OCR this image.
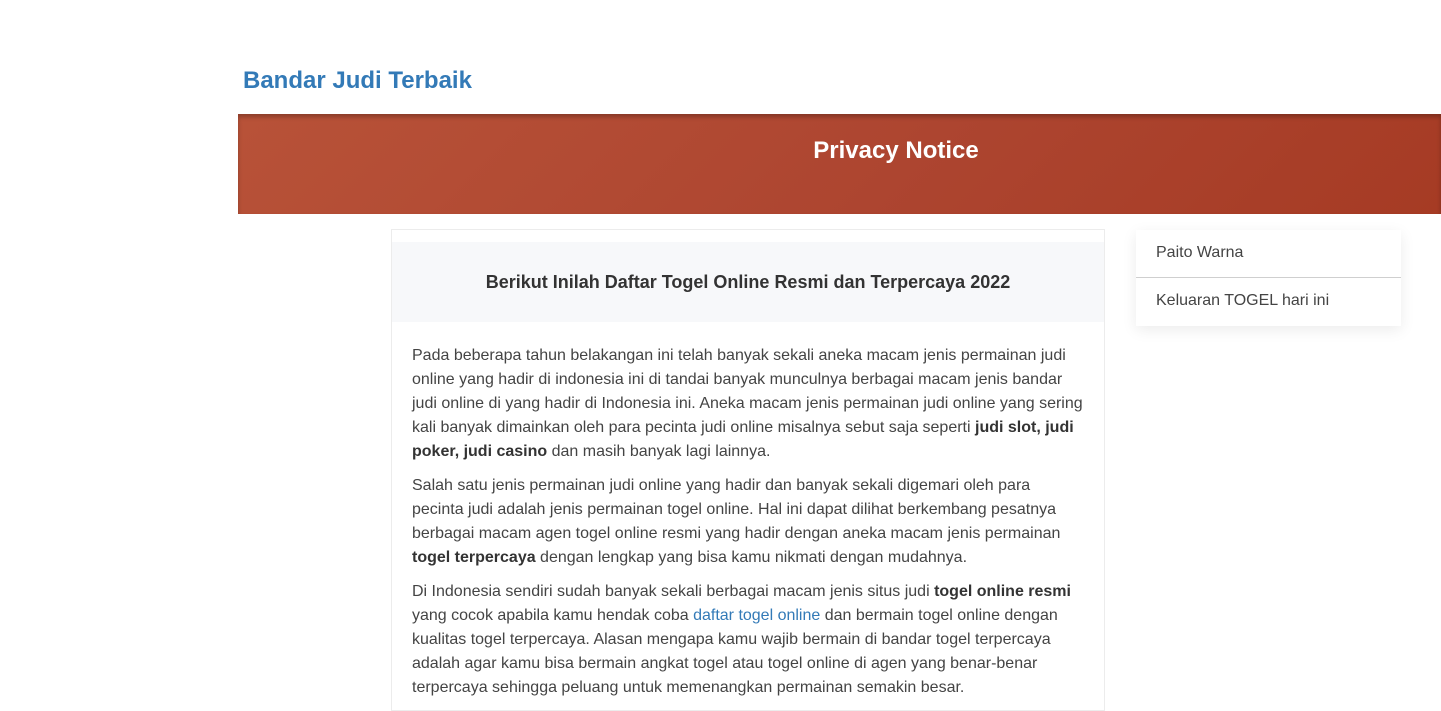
Bandar Judi Terbaik
Privacy Notice
Berikut Inilah Daftar Togel Online Resmi dan Terpercaya 2022

Pada beberapa tahun belakangan ini telah banyak sekali aneka macam jenis permainan judi online yang hadir di indonesia ini di tandai banyak munculnya berbagai macam jenis bandar judi online di yang hadir di Indonesia ini. Aneka macam jenis permainan judi online yang sering kali banyak dimainkan oleh para pecinta judi online misalnya sebut saja seperti judi slot, judi poker, judi casino dan masih banyak lagi lainnya.

Salah satu jenis permainan judi online yang hadir dan banyak sekali digemari oleh para pecinta judi adalah jenis permainan togel online. Hal ini dapat dilihat berkembang pesatnya berbagai macam agen togel online resmi yang hadir dengan aneka macam jenis permainan togel terpercaya dengan lengkap yang bisa kamu nikmati dengan mudahnya.

Di Indonesia sendiri sudah banyak sekali berbagai macam jenis situs judi togel online resmi yang cocok apabila kamu hendak coba daftar togel online dan bermain togel online dengan kualitas togel terpercaya. Alasan mengapa kamu wajib bermain di bandar togel terpercaya adalah agar kamu bisa bermain angkat togel atau togel online di agen yang benar-benar terpercaya sehingga peluang untuk memenangkan permainan semakin besar.

Paito Warna
Keluaran TOGEL hari ini
